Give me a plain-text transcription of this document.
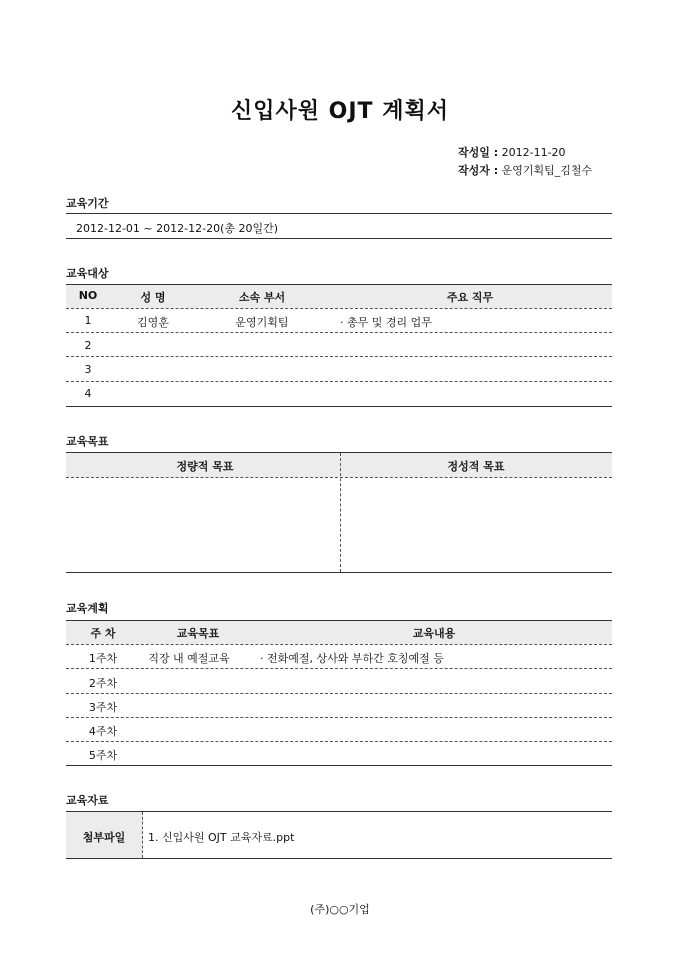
신입사원 OJT 계획서
작성일 : 2012-11-20
작성자 : 운영기획팀_김철수
교육기간
2012-12-01 ~ 2012-12-20(총 20일간)
교육대상
NO	성 명	소속 부서	주요 직무
1	김영훈	운영기획팀	· 총무 및 경리 업무
2
3
4
교육목표
정량적 목표	정성적 목표
교육계획
주 차	교육목표	교육내용
1주차	직장 내 예절교육	· 전화예절, 상사와 부하간 호칭예절 등
2주차
3주차
4주차
5주차
교육자료
첨부파일 1. 신입사원 OJT 교육자료.ppt
(주)○○기업
